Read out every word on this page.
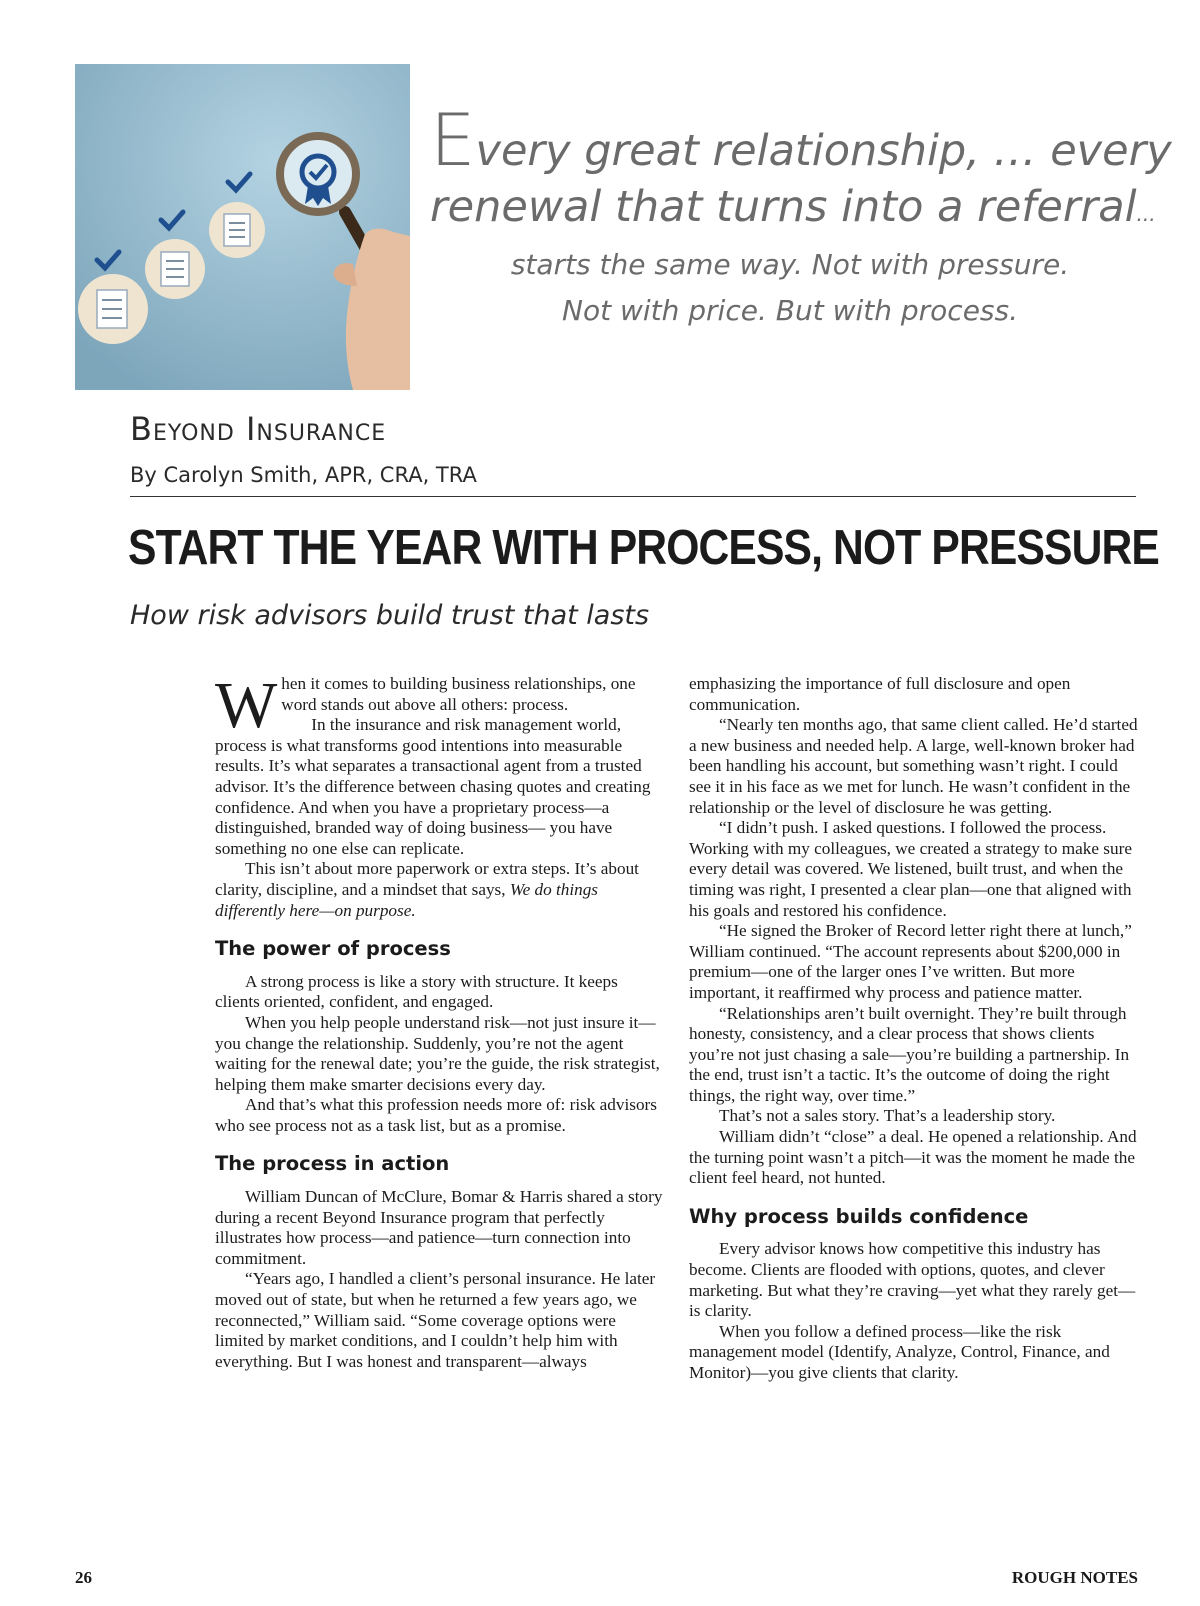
Every great relationship, … every
renewal that turns into a referral...
starts the same way. Not with pressure.
Not with price. But with process.
Beyond Insurance
By Carolyn Smith, APR, CRA, TRA
START THE YEAR WITH PROCESS, NOT PRESSURE
How risk advisors build trust that lasts

When it comes to building business relationships, one word stands out above all others: process.

In the insurance and risk management world, process is what transforms good intentions into measurable results. It’s what separates a transactional agent from a trusted advisor. It’s the difference between chasing quotes and creating confidence. And when you have a proprietary process—a distinguished, branded way of doing business— you have something no one else can replicate.

This isn’t about more paperwork or extra steps. It’s about clarity, discipline, and a mindset that says, We do things differently here—on purpose.

The power of process

A strong process is like a story with structure. It keeps clients oriented, confident, and engaged.

When you help people understand risk—not just insure it—you change the relationship. Suddenly, you’re not the agent waiting for the renewal date; you’re the guide, the risk strategist, helping them make smarter decisions every day.

And that’s what this profession needs more of: risk advisors who see process not as a task list, but as a promise.

The process in action

William Duncan of McClure, Bomar & Harris shared a story during a recent Beyond Insurance program that perfectly illustrates how process—and patience—turn connection into commitment.

“Years ago, I handled a client’s personal insurance. He later moved out of state, but when he returned a few years ago, we reconnected,” William said. “Some coverage options were limited by market conditions, and I couldn’t help him with everything. But I was honest and transparent—always

emphasizing the importance of full disclosure and open communication.

“Nearly ten months ago, that same client called. He’d started a new business and needed help. A large, well-known broker had been handling his account, but something wasn’t right. I could see it in his face as we met for lunch. He wasn’t confident in the relationship or the level of disclosure he was getting.

“I didn’t push. I asked questions. I followed the process. Working with my colleagues, we created a strategy to make sure every detail was covered. We listened, built trust, and when the timing was right, I presented a clear plan—one that aligned with his goals and restored his confidence.

“He signed the Broker of Record letter right there at lunch,” William continued. “The account represents about $200,000 in premium—one of the larger ones I’ve written. But more important, it reaffirmed why process and patience matter.

“Relationships aren’t built overnight. They’re built through honesty, consistency, and a clear process that shows clients you’re not just chasing a sale—you’re building a partnership. In the end, trust isn’t a tactic. It’s the outcome of doing the right things, the right way, over time.”

That’s not a sales story. That’s a leadership story.

William didn’t “close” a deal. He opened a relationship. And the turning point wasn’t a pitch—it was the moment he made the client feel heard, not hunted.

Why process builds confidence

Every advisor knows how competitive this industry has become. Clients are flooded with options, quotes, and clever marketing. But what they’re craving—yet what they rarely get—is clarity.

When you follow a defined process—like the risk management model (Identify, Analyze, Control, Finance, and Monitor)—you give clients that clarity.

26	ROUGH NOTES
